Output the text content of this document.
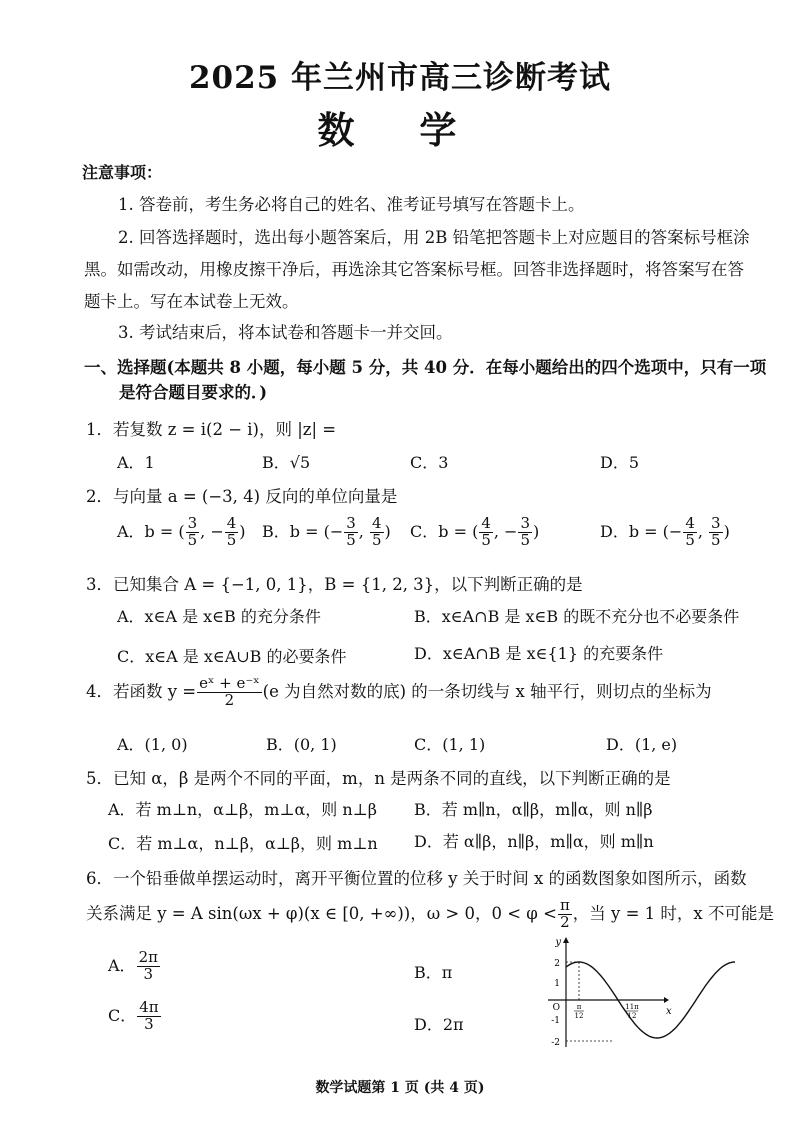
2025 年兰州市高三诊断考试
数 学
注意事项：
1. 答卷前，考生务必将自己的姓名、准考证号填写在答题卡上。
2. 回答选择题时，选出每小题答案后，用 2B 铅笔把答题卡上对应题目的答案标号框涂
黑。如需改动，用橡皮擦干净后，再选涂其它答案标号框。回答非选择题时，将答案写在答
题卡上。写在本试卷上无效。
3. 考试结束后，将本试卷和答题卡一并交回。
一、选择题(本题共 8 小题，每小题 5 分，共 40 分．在每小题给出的四个选项中，只有一项
是符合题目要求的．)
1．若复数 z = i(2 − i)，则 |z| =
A．1	B．√5	C．3	D．5
2．与向量 a = (−3, 4) 反向的单位向量是
A．b = ( $\frac{3}{5}$ , − $\frac{4}{5}$ ) B．b = (− $\frac{3}{5}$ , $\frac{4}{5}$ ) C．b = ( $\frac{4}{5}$ , − $\frac{3}{5}$ )	D．b = (− $\frac{4}{5}$ , $\frac{3}{5}$ )
3．已知集合 A = {−1, 0, 1}，B = {1, 2, 3}，以下判断正确的是
A．x∈A 是 x∈B 的充分条件	B．x∈A∩B 是 x∈B 的既不充分也不必要条件
C．x∈A 是 x∈A∪B 的必要条件	D．x∈A∩B 是 x∈{1} 的充要条件
4．若函数 $y = \frac{\text{eˣ + e⁻ˣ}}{2} (e$ 为自然对数的底) 的一条切线与 x 轴平行，则切点的坐标为
A．(1, 0)	B．(0, 1)	C．(1, 1)	D．(1, e)
5．已知 α，β 是两个不同的平面，m，n 是两条不同的直线，以下判断正确的是
A．若 m⊥n，α⊥β，m⊥α，则 n⊥β B．若 m∥n，α∥β，m∥α，则 n∥β
C．若 m⊥α，n⊥β，α⊥β，则 m⊥n D．若 α∥β，n∥β，m∥α，则 m∥n
6．一个铅垂做单摆运动时，离开平衡位置的位移 y 关于时间 x 的函数图象如图所示，函数
关系满足 y = A sin(ωx + φ)(x ∈ [0, +∞))，ω > 0，$0 < \varphi < \frac{\pi}{2}$ ，当 y = 1 时，x 不可能是
A． $\frac{2\pi}{3}$	B．π
C． $\frac{4\pi}{3}$	D．2π
y
x
2
1
-1
-2
O π
12
11π
12
数学试题第 1 页 (共 4 页)
